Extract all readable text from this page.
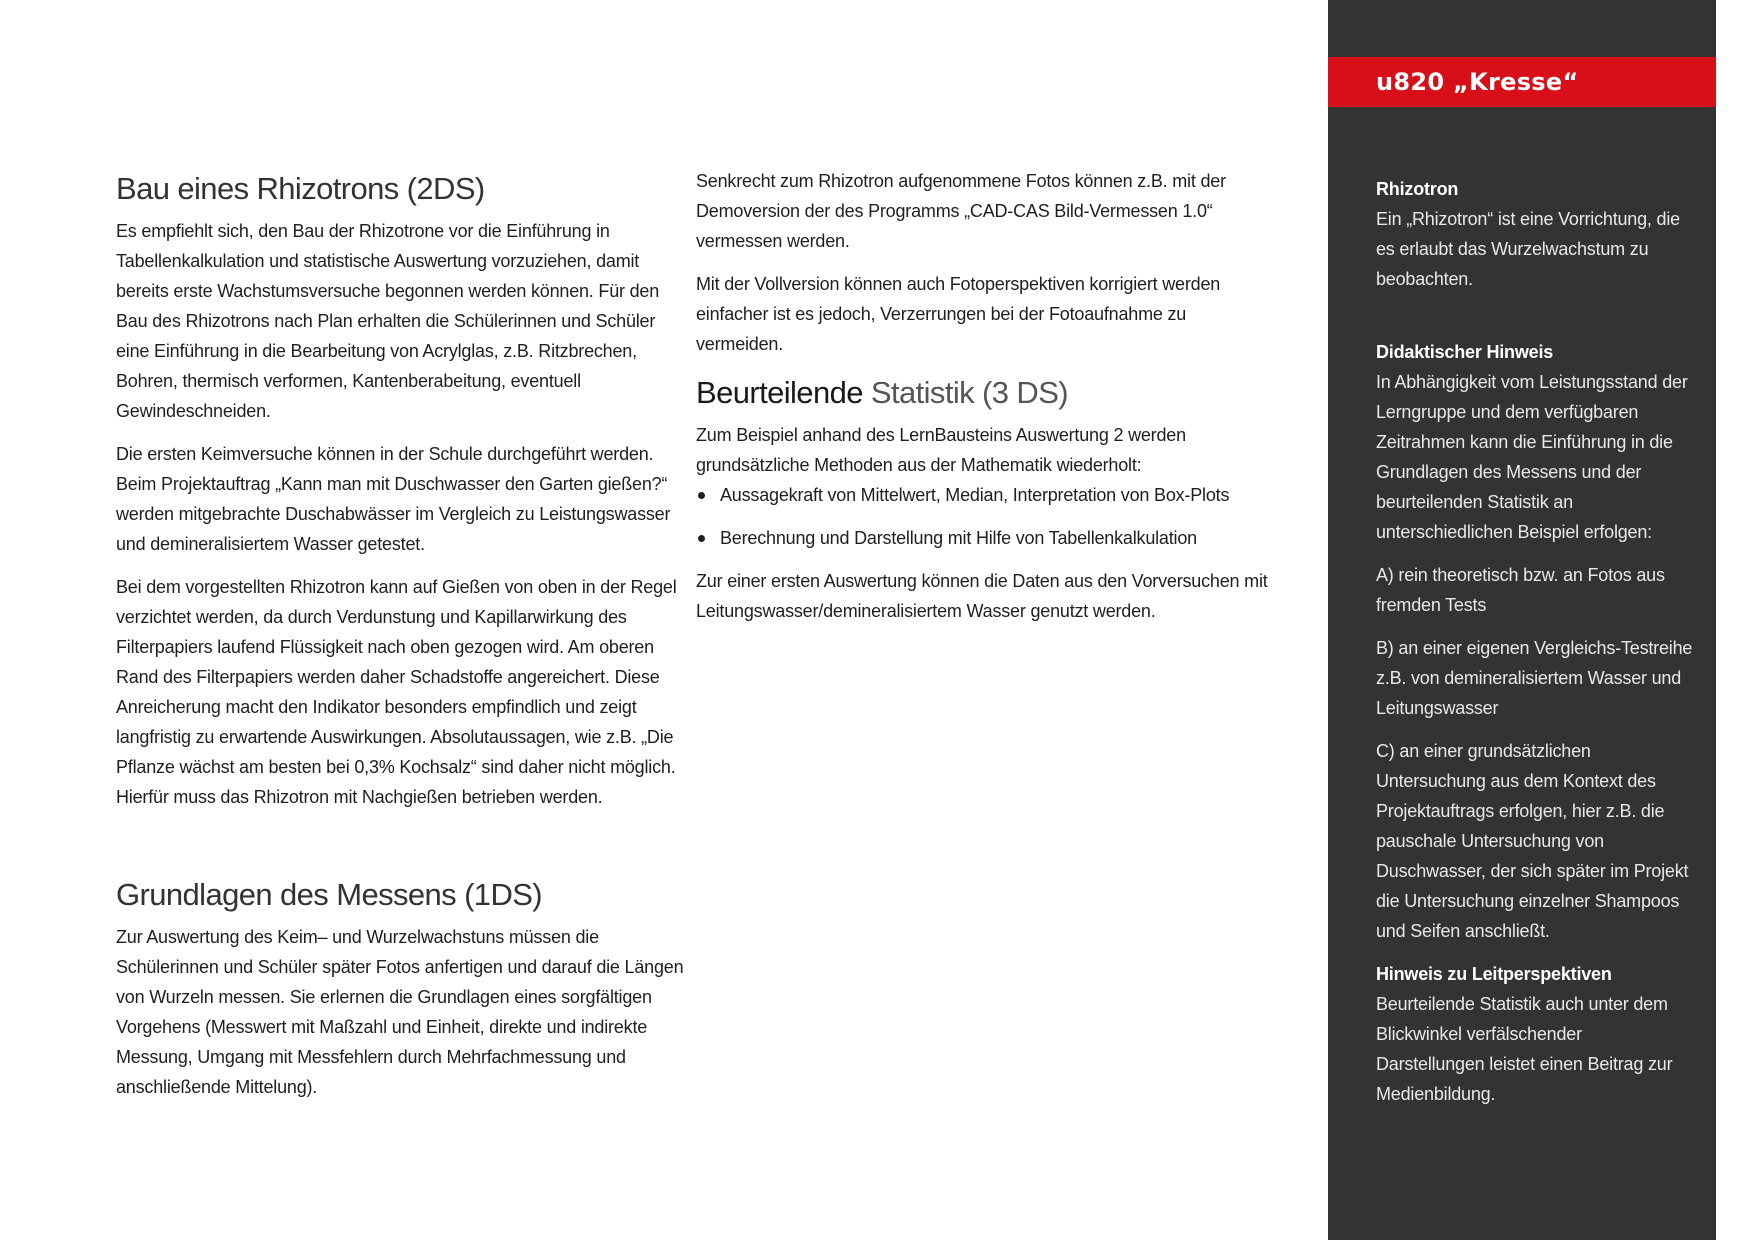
Bau eines Rhizotrons (2DS)

Es empfiehlt sich, den Bau der Rhizotrone vor die Einführung in Tabellenkalkulation und statistische Auswertung vorzuziehen, damit bereits erste Wachstumsversuche begonnen werden können. Für den Bau des Rhizotrons nach Plan erhalten die Schülerinnen und Schüler eine Einführung in die Bearbeitung von Acrylglas, z.B. Ritzbrechen, Bohren, thermisch verformen, Kantenberabeitung, eventuell Gewindeschneiden.

Die ersten Keimversuche können in der Schule durchgeführt werden. Beim Projektauftrag „Kann man mit Duschwasser den Garten gießen?“ werden mitgebrachte Duschabwässer im Vergleich zu Leistungswasser und demineralisiertem Wasser getestet.

Bei dem vorgestellten Rhizotron kann auf Gießen von oben in der Regel verzichtet werden, da durch Verdunstung und Kapillarwirkung des Filterpapiers laufend Flüssigkeit nach oben gezogen wird. Am oberen Rand des Filterpapiers werden daher Schadstoffe angereichert. Diese Anreicherung macht den Indikator besonders empfindlich und zeigt langfristig zu erwartende Auswirkungen. Absolutaussagen, wie z.B. „Die Pflanze wächst am besten bei 0,3% Kochsalz“ sind daher nicht möglich. Hierfür muss das Rhizotron mit Nachgießen betrieben werden.

Grundlagen des Messens (1DS)

Zur Auswertung des Keim– und Wurzelwachstuns müssen die Schülerinnen und Schüler später Fotos anfertigen und darauf die Längen von Wurzeln messen. Sie erlernen die Grundlagen eines sorgfältigen Vorgehens (Messwert mit Maßzahl und Einheit, direkte und indirekte Messung, Umgang mit Messfehlern durch Mehrfachmessung und anschließende Mittelung).

Senkrecht zum Rhizotron aufgenommene Fotos können z.B. mit der Demoversion der des Programms „CAD-CAS Bild-Vermessen 1.0“ vermessen werden.

Mit der Vollversion können auch Fotoperspektiven korrigiert werden einfacher ist es jedoch, Verzerrungen bei der Fotoaufnahme zu vermeiden.

Beurteilende Statistik (3 DS)

Zum Beispiel anhand des LernBausteins Auswertung 2 werden grundsätzliche Methoden aus der Mathematik wiederholt:

Aussagekraft von Mittelwert, Median, Interpretation von Box-Plots
Berechnung und Darstellung mit Hilfe von Tabellenkalkulation

Zur einer ersten Auswertung können die Daten aus den Vorversuchen mit Leitungswasser/demineralisiertem Wasser genutzt werden.

u820 „Kresse“
Rhizotron
Ein „Rhizotron“ ist eine Vorrichtung, die es erlaubt das Wurzelwachstum zu beobachten.
Didaktischer Hinweis

In Abhängigkeit vom Leistungsstand der Lerngruppe und dem verfügbaren Zeitrahmen kann die Einführung in die Grundlagen des Messens und der beurteilenden Statistik an unterschiedlichen Beispiel erfolgen:

A) rein theoretisch bzw. an Fotos aus fremden Tests

B) an einer eigenen Vergleichs-Testreihe z.B. von demineralisiertem Wasser und Leitungswasser

C) an einer grundsätzlichen Untersuchung aus dem Kontext des Projektauftrags erfolgen, hier z.B. die pauschale Untersuchung von Duschwasser, der sich später im Projekt die Untersuchung einzelner Shampoos und Seifen anschließt.

Hinweis zu Leitperspektiven
Beurteilende Statistik auch unter dem Blickwinkel verfälschender Darstellungen leistet einen Beitrag zur Medienbildung.
